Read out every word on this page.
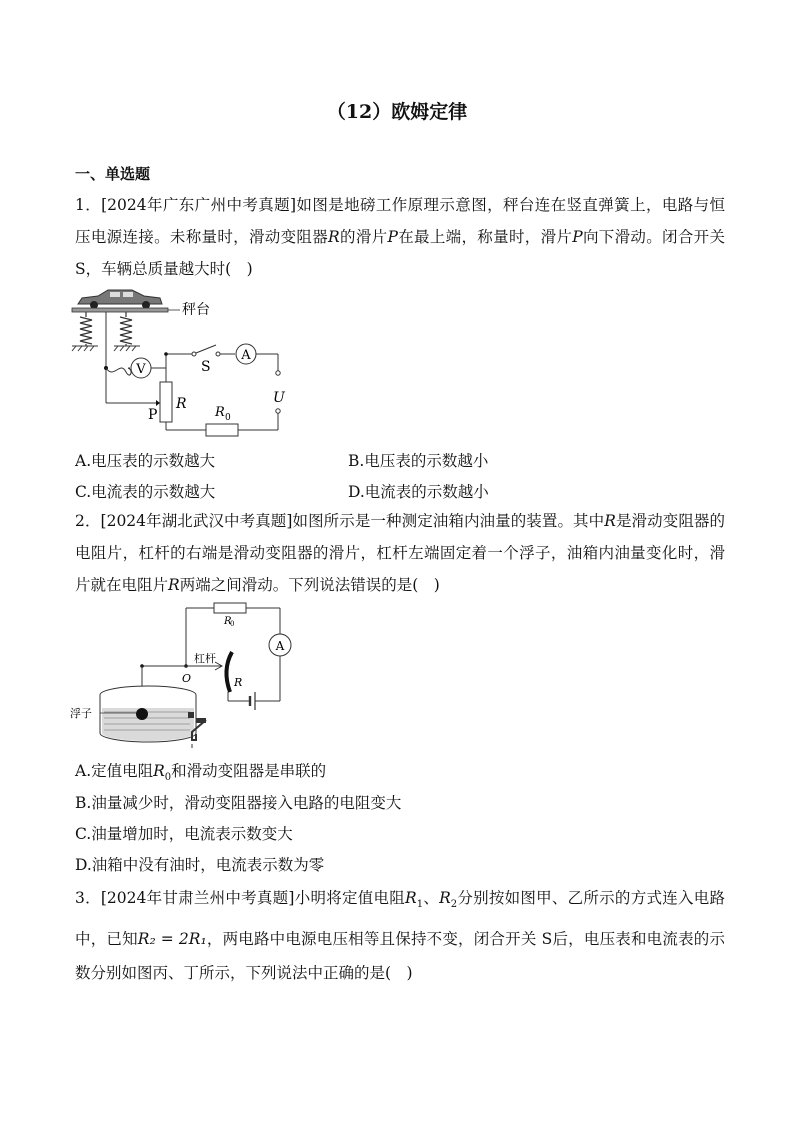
（12）欧姆定律
一、单选题
1．[2024年广东广州中考真题]如图是地磅工作原理示意图，秤台连在竖直弹簧上，电路与恒压电源连接。未称量时，滑动变阻器R的滑片P在最上端，称量时，滑片P向下滑动。闭合开关 S，车辆总质量越大时(　)
秤台
V	S
A
U
R
P	R 0
A.电压表的示数越大	B.电压表的示数越小
C.电流表的示数越大	D.电流表的示数越小
2．[2024年湖北武汉中考真题]如图所示是一种测定油箱内油量的装置。其中R是滑动变阻器的电阻片，杠杆的右端是滑动变阻器的滑片，杠杆左端固定着一个浮子，油箱内油量变化时，滑片就在电阻片R两端之间滑动。下列说法错误的是(　)
R
0
A
杠杆
O	R
浮子
A.定值电阻$R_0$和滑动变阻器是串联的
B.油量减少时，滑动变阻器接入电路的电阻变大
C.油量增加时，电流表示数变大
D.油箱中没有油时，电流表示数为零
3．[2024年甘肃兰州中考真题]小明将定值电阻$R_1$、$R_2$分别按如图甲、乙所示的方式连入电路中，已知R₂ = 2R₁，两电路中电源电压相等且保持不变，闭合开关 S后，电压表和电流表的示数分别如图丙、丁所示，下列说法中正确的是(　)
